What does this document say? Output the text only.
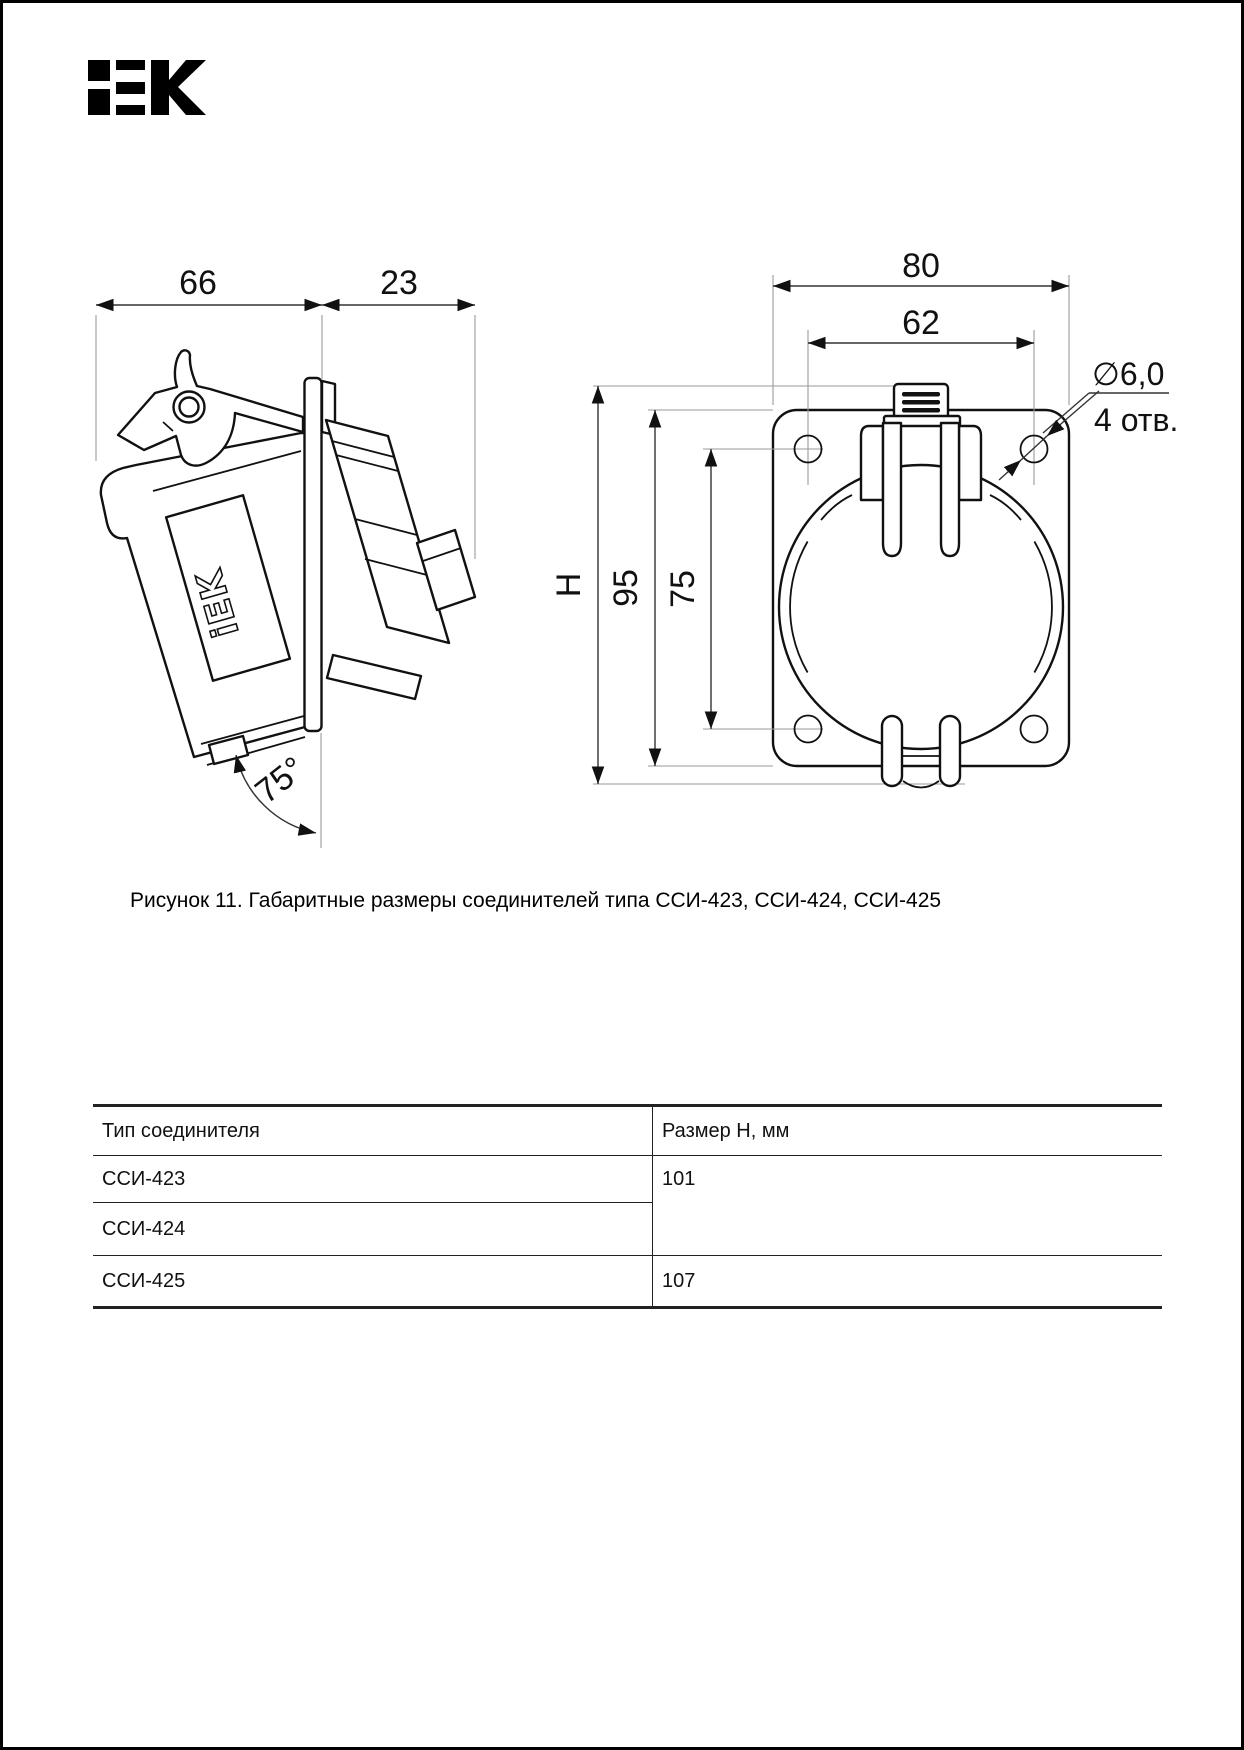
iEK
66	23
75°
80
62
H 95 75
∅6,0
4 отв.
Рисунок 11. Габаритные размеры соединителей типа ССИ-423, ССИ-424, ССИ-425
Тип соединителя	Размер Н, мм
ССИ-423	101
ССИ-424
ССИ-425	107
